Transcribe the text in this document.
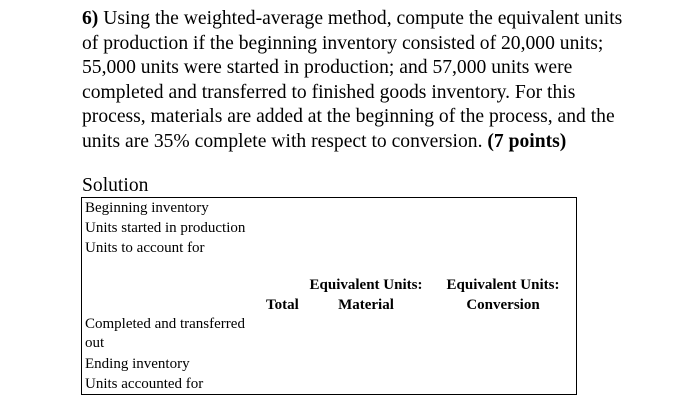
6) Using the weighted-average method, compute the equivalent units of production if the beginning inventory consisted of 20,000 units; 55,000 units were started in production; and 57,000 units were completed and transferred to finished goods inventory. For this process, materials are added at the beginning of the process, and the units are 35% complete with respect to conversion. (7 points)

Solution
Beginning inventory
Units started in production
Units to account for
Total
Equivalent Units:
Material
Equivalent Units:
Conversion
Completed and transferred out
Ending inventory
Units accounted for
